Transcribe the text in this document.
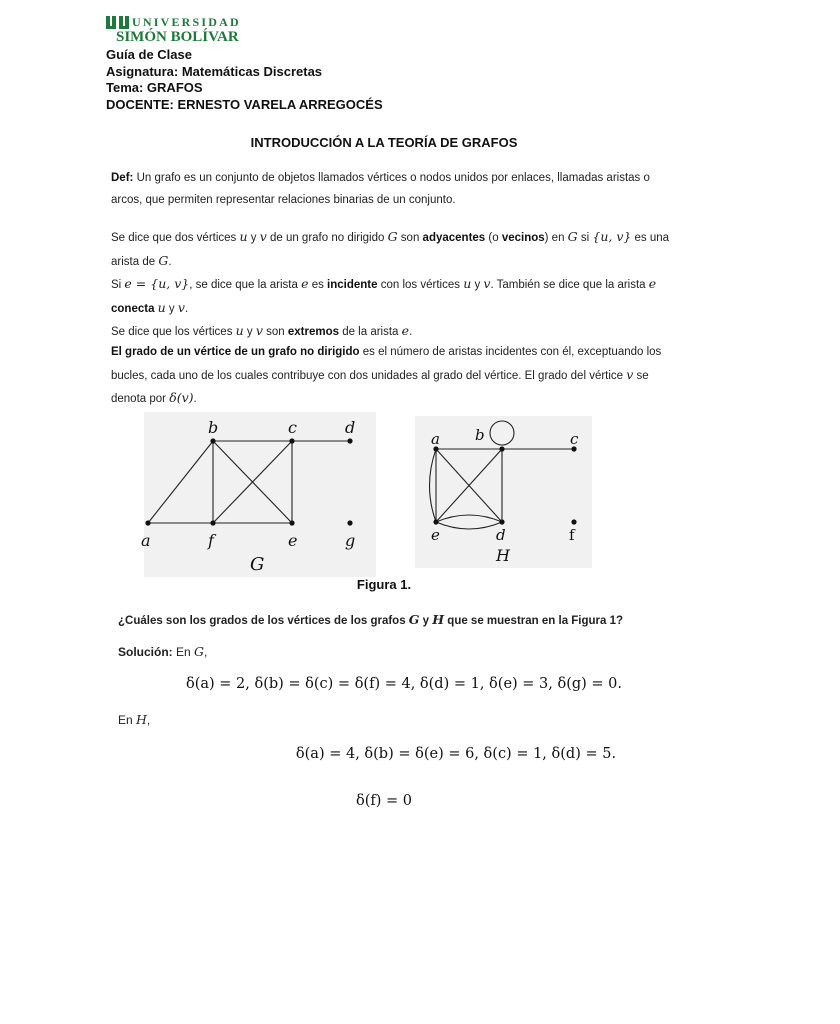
UNIVERSIDAD
SIMÓN BOLÍVAR
Guía de Clase
Asignatura: Matemáticas Discretas
Tema: GRAFOS
DOCENTE: ERNESTO VARELA ARREGOCÉS
INTRODUCCIÓN A LA TEORÍA DE GRAFOS
Def: Un grafo es un conjunto de objetos llamados vértices o nodos unidos por enlaces, llamadas aristas o arcos, que permiten representar relaciones binarias de un conjunto.
Se dice que dos vértices u y v de un grafo no dirigido G son adyacentes (o vecinos) en G si {u, v} es una arista de G.
Si e = {u, v}, se dice que la arista e es incidente con los vértices u y v. También se dice que la arista e
conecta u y v.
Se dice que los vértices u y v son extremos de la arista e.
El grado de un vértice de un grafo no dirigido es el número de aristas incidentes con él, exceptuando los bucles, cada uno de los cuales contribuye con dos unidades al grado del vértice. El grado del vértice v se denota por δ(v).
a
b	c	d
f	e	g
G
a b	c
e	d	f
H
Figura 1.
¿Cuáles son los grados de los vértices de los grafos G y H que se muestran en la Figura 1?
Solución: En G,
δ(a) = 2, δ(b) = δ(c) = δ(f) = 4, δ(d) = 1, δ(e) = 3, δ(g) = 0.
En H,
δ(a) = 4, δ(b) = δ(e) = 6, δ(c) = 1, δ(d) = 5.
δ(f) = 0
